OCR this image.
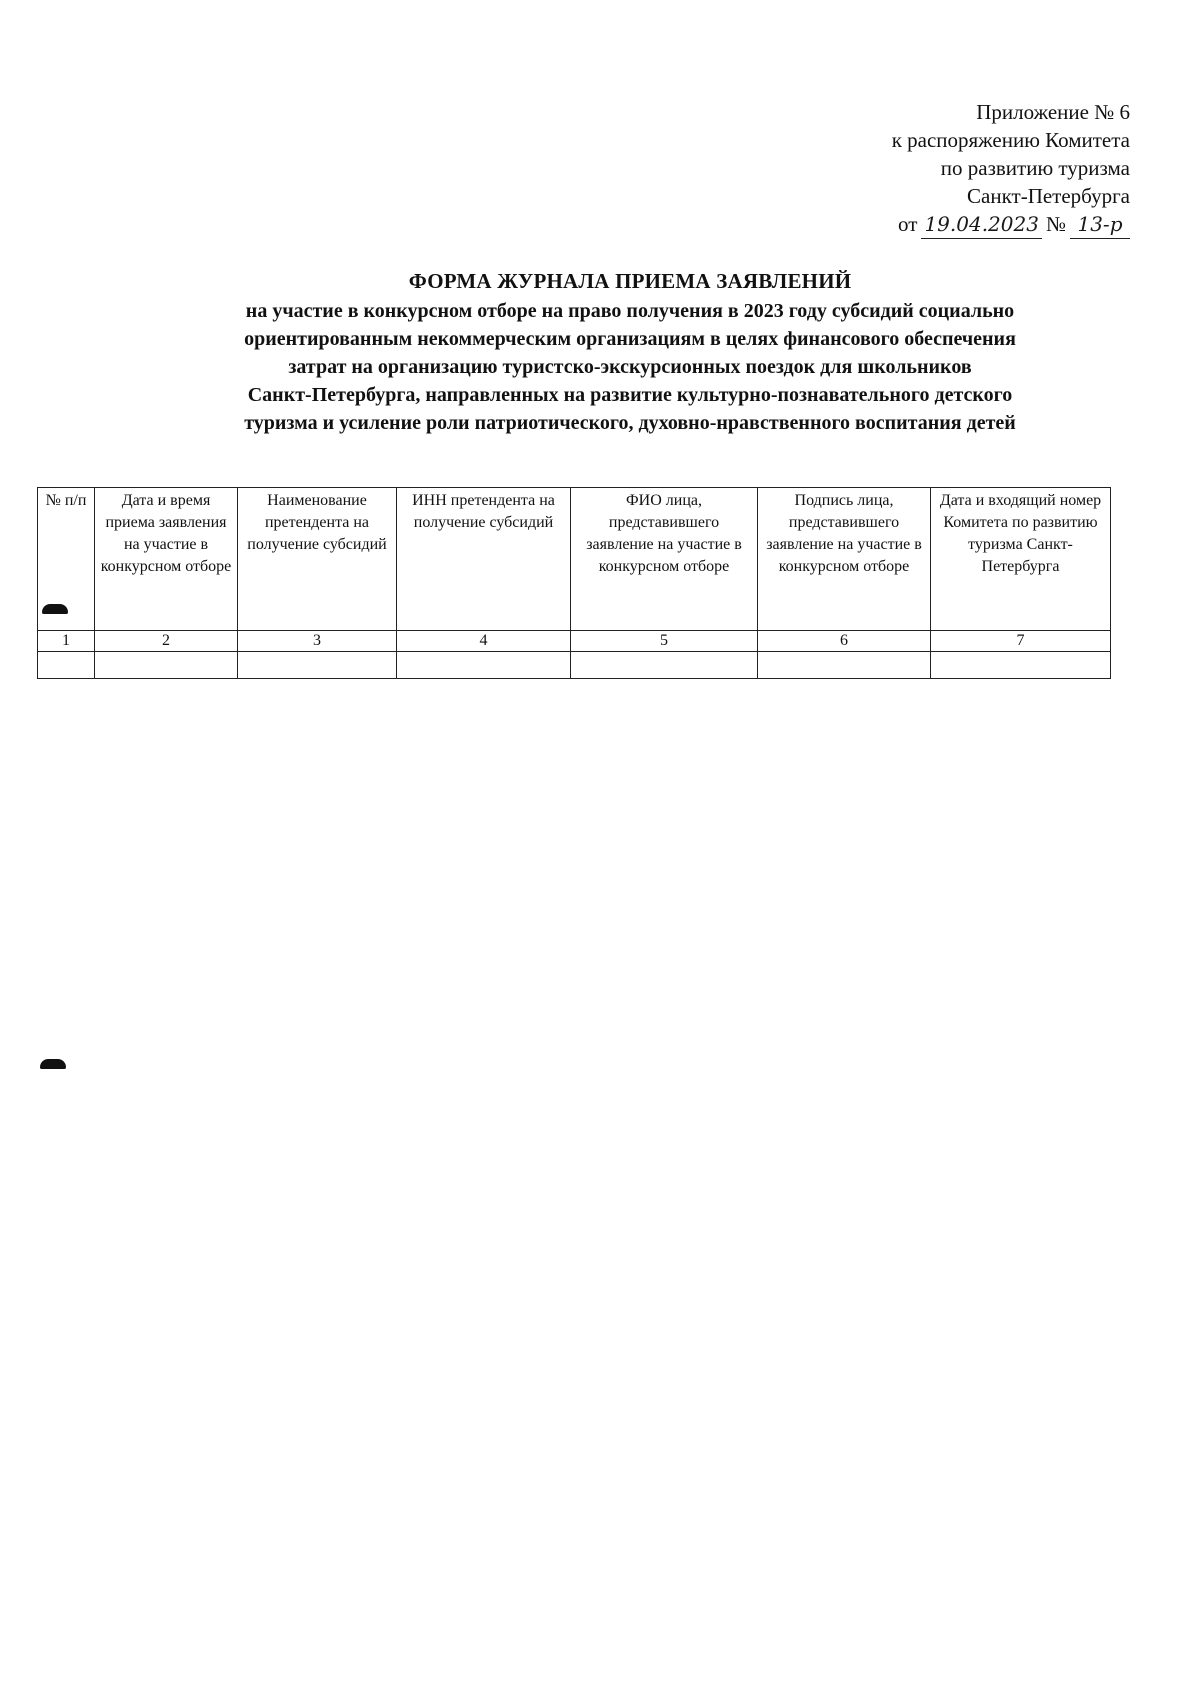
Приложение № 6
к распоряжению Комитета
по развитию туризма
Санкт-Петербурга
от 19.04.2023 № 13-р
ФОРМА ЖУРНАЛА ПРИЕМА ЗАЯВЛЕНИЙ
на участие в конкурсном отборе на право получения в 2023 году субсидий социально
ориентированным некоммерческим организациям в целях финансового обеспечения
затрат на организацию туристско-экскурсионных поездок для школьников
Санкт-Петербурга, направленных на развитие культурно-познавательного детского
туризма и усиление роли патриотического, духовно-нравственного воспитания детей
№ п/п	Дата и время приема заявления на участие в конкурсном отборе	Наименование претендента на получение субсидий	ИНН претендента на получение субсидий	ФИО лица, представившего заявление на участие в конкурсном отборе	Подпись лица, представившего заявление на участие в конкурсном отборе	Дата и входящий номер Комитета по развитию туризма Санкт-Петербурга
1	2	3	4	5	6	7
